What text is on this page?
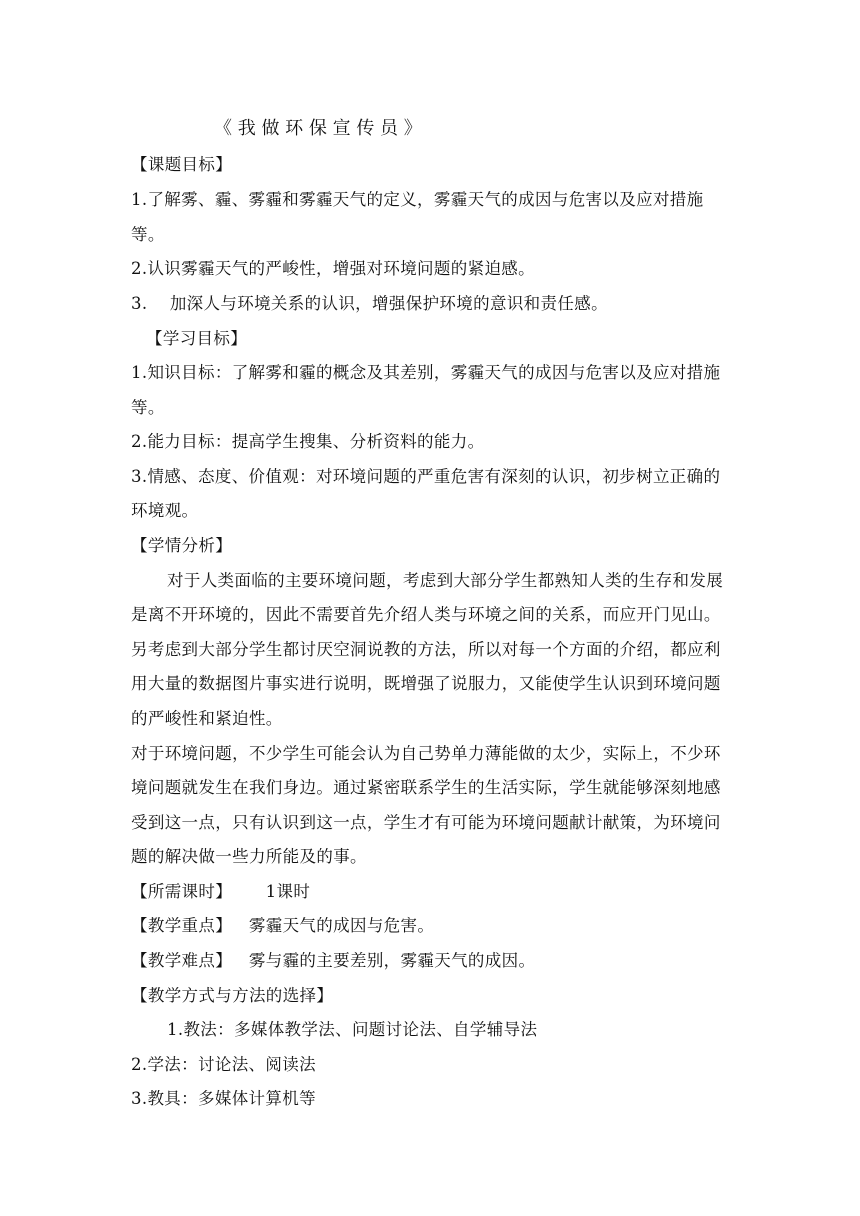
《 我 做 环 保 宣 传 员 》
【课题目标】
1.了解雾、霾、雾霾和雾霾天气的定义，雾霾天气的成因与危害以及应对措施
等。
2.认识雾霾天气的严峻性，增强对环境问题的紧迫感。
3.    加深人与环境关系的认识，增强保护环境的意识和责任感。
【学习目标】
1.知识目标：了解雾和霾的概念及其差别，雾霾天气的成因与危害以及应对措施
等。
2.能力目标：提高学生搜集、分析资料的能力。
3.情感、态度、价值观：对环境问题的严重危害有深刻的认识，初步树立正确的
环境观。
【学情分析】
对于人类面临的主要环境问题，考虑到大部分学生都熟知人类的生存和发展
是离不开环境的，因此不需要首先介绍人类与环境之间的关系，而应开门见山。
另考虑到大部分学生都讨厌空洞说教的方法，所以对每一个方面的介绍，都应利
用大量的数据图片事实进行说明，既增强了说服力，又能使学生认识到环境问题
的严峻性和紧迫性。
对于环境问题，不少学生可能会认为自己势单力薄能做的太少，实际上，不少环
境问题就发生在我们身边。通过紧密联系学生的生活实际，学生就能够深刻地感
受到这一点，只有认识到这一点，学生才有可能为环境问题献计献策，为环境问
题的解决做一些力所能及的事。
【所需课时】      1课时
【教学重点】   雾霾天气的成因与危害。
【教学难点】   雾与霾的主要差别，雾霾天气的成因。
【教学方式与方法的选择】
1.教法：多媒体教学法、问题讨论法、自学辅导法
2.学法：讨论法、阅读法
3.教具：多媒体计算机等
